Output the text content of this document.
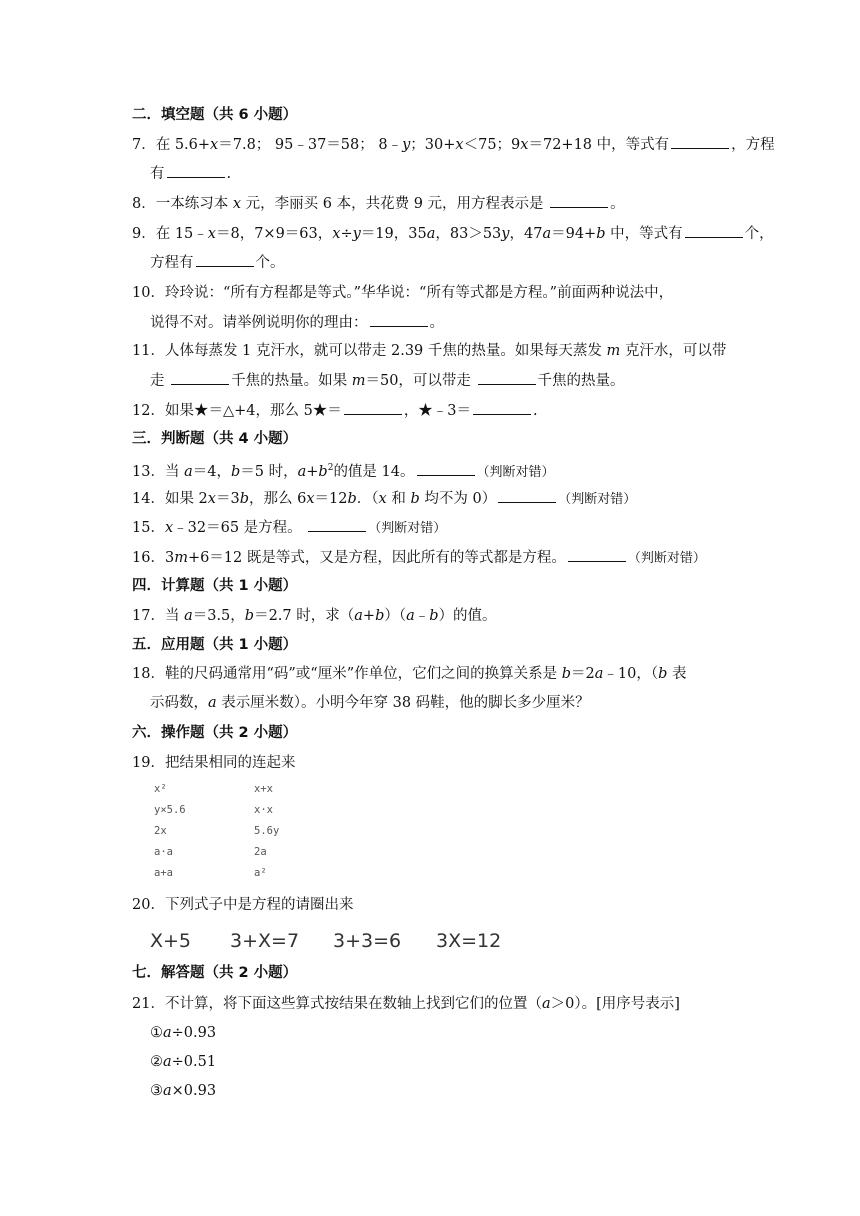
二．填空题（共 6 小题）
7．在 5.6+x＝7.8； 95﹣37＝58； 8﹣y；30+x＜75；9x＝72+18 中，等式有	，方程
有	.
8．一本练习本 x 元，李丽买 6 本，共花费 9 元，用方程表示是	。
9．在 15﹣x＝8，7×9＝63，x÷y＝19，35a，83＞53y，47a＝94+b 中，等式有	个，
方程有	个。
10．玲玲说：“所有方程都是等式。”华华说：“所有等式都是方程。”前面两种说法中，
说得不对。请举例说明你的理由：	。
11．人体每蒸发 1 克汗水，就可以带走 2.39 千焦的热量。如果每天蒸发 m 克汗水，可以带
走	千焦的热量。如果 m＝50，可以带走	千焦的热量。
12．如果★＝△+4，那么 5★＝	，★﹣3＝	.
三．判断题（共 4 小题）
13．当 a＝4，b＝5 时，$a+b^2$的值是 14。	（判断对错）
14．如果 2x＝3b，那么 6x＝12b．（x 和 b 均不为 0）	（判断对错）
15．x﹣32＝65 是方程。	（判断对错）
16．3m+6＝12 既是等式，又是方程，因此所有的等式都是方程。	（判断对错）
四．计算题（共 1 小题）
17．当 a＝3.5，b＝2.7 时，求（a+b）（a﹣b）的值。
五．应用题（共 1 小题）
18．鞋的尺码通常用“码”或“厘米”作单位，它们之间的换算关系是 b＝2a﹣10，（b 表
示码数，a 表示厘米数）。小明今年穿 38 码鞋，他的脚长多少厘米？
六．操作题（共 2 小题）
19．把结果相同的连起来
x²
y×5.6
2x
a·a
a+a
x+x
x·x
5.6y
2a
a²
20．下列式子中是方程的请圈出来
X+5 3+X=7 3+3=6 3X=12
七．解答题（共 2 小题）
21．不计算，将下面这些算式按结果在数轴上找到它们的位置（a＞0）。[用序号表示]
①a÷0.93
②a÷0.51
③a×0.93
